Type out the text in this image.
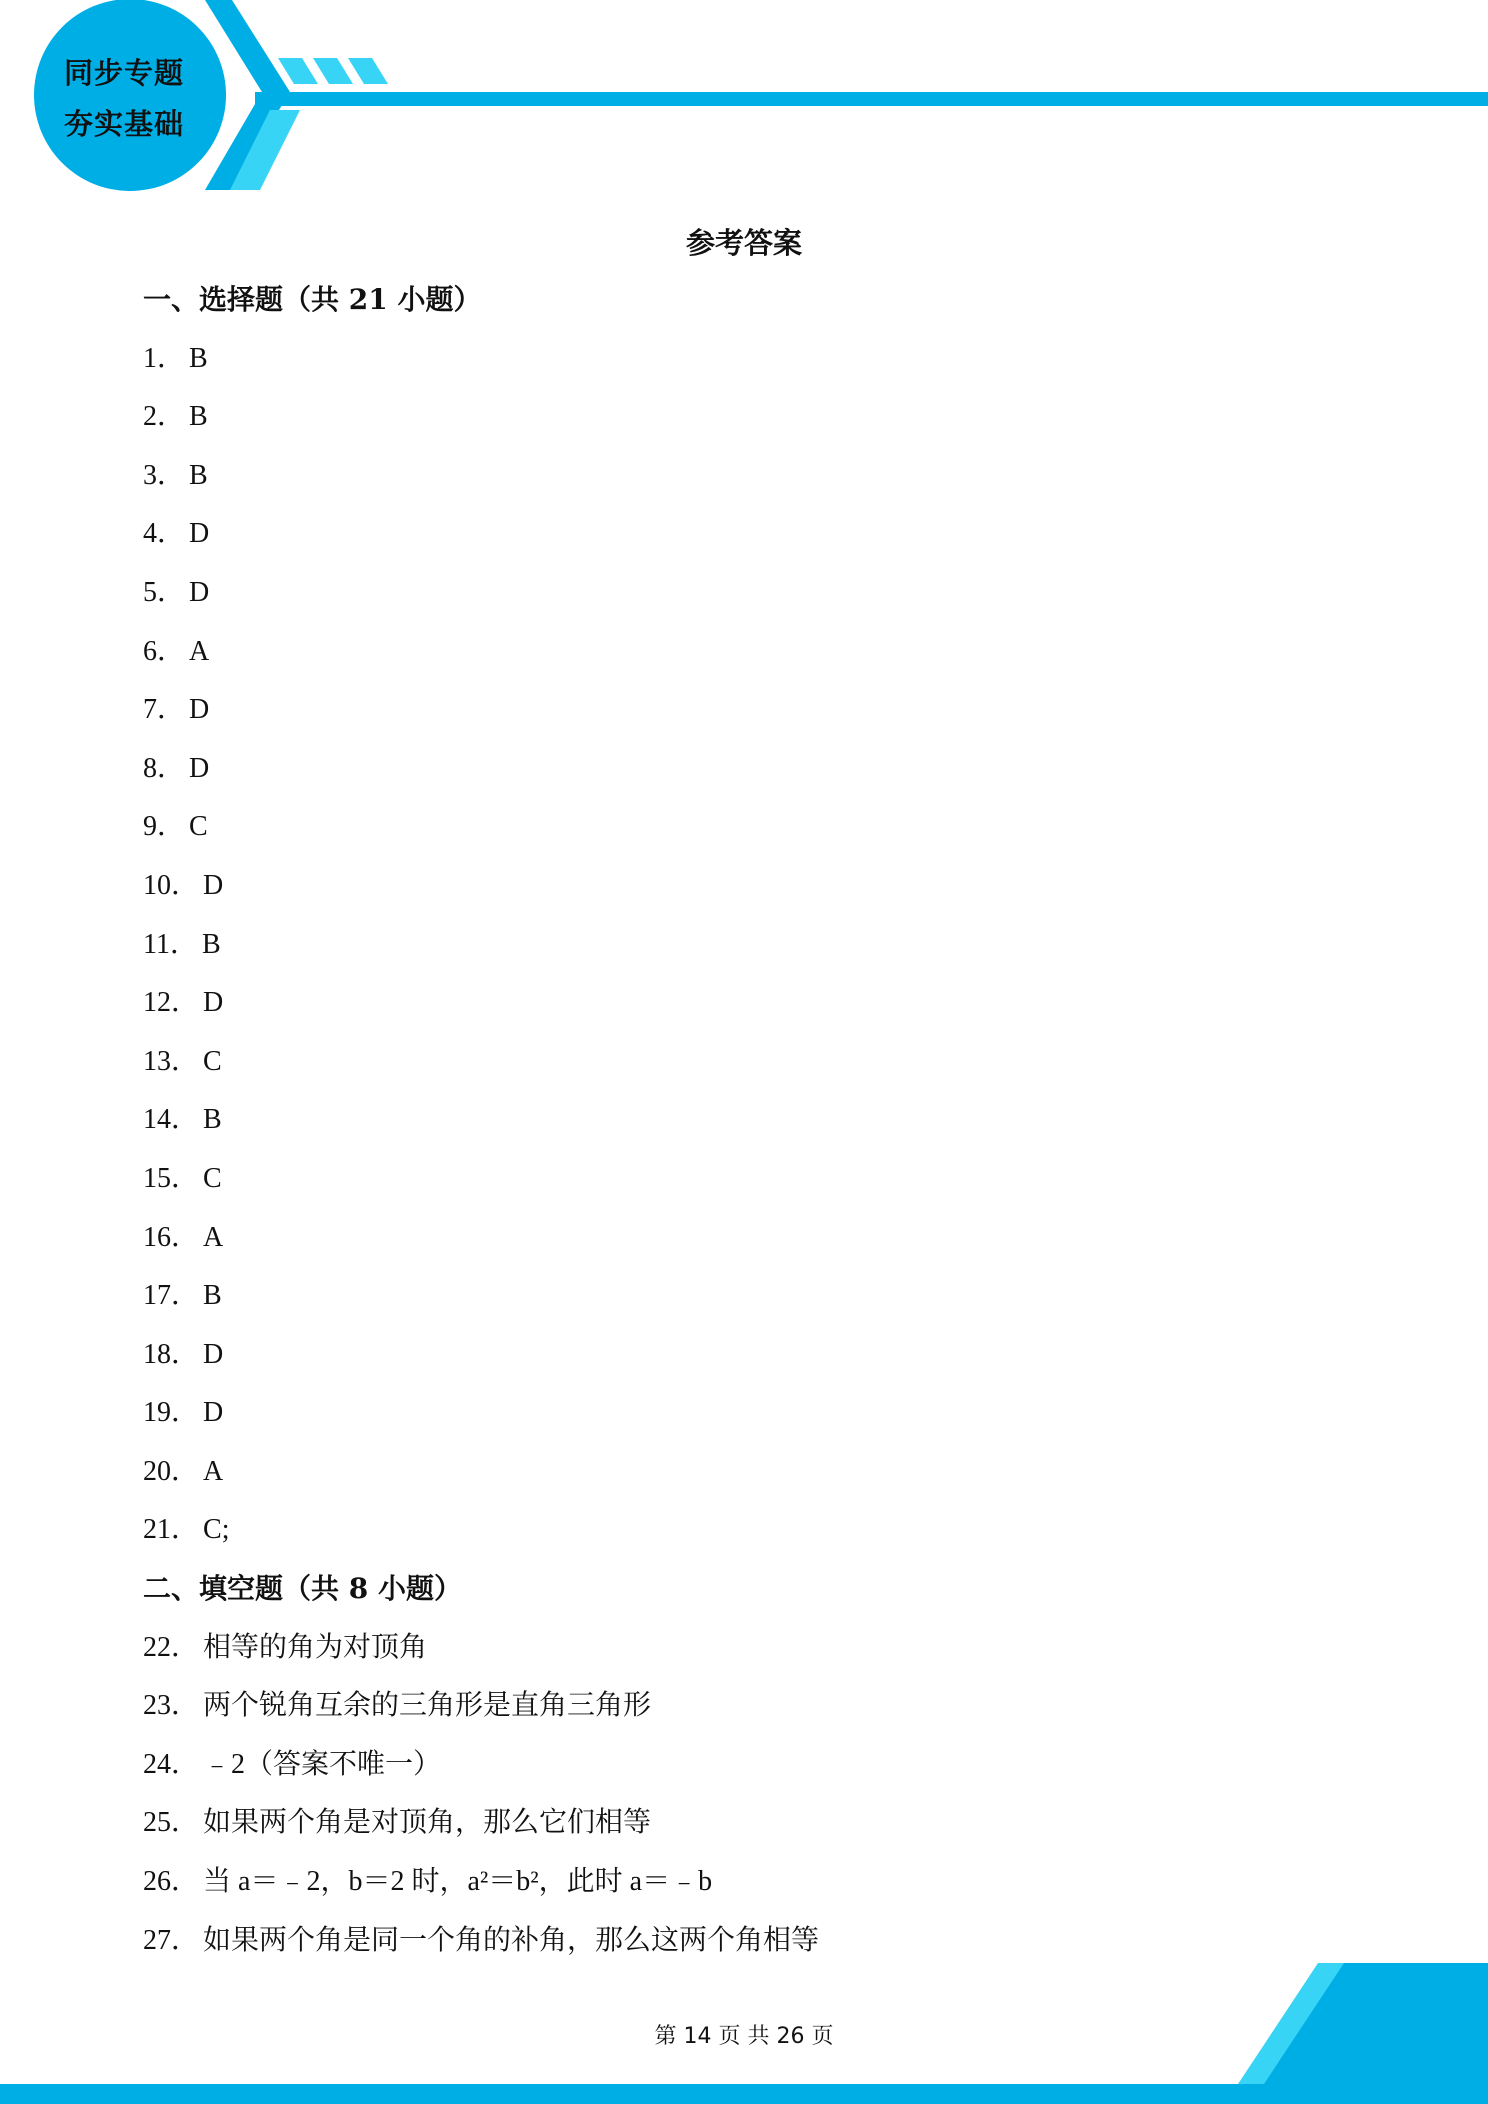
同步专题
夯实基础
参考答案
一、选择题（共 21 小题）
1． B
2． B
3． B
4． D
5． D
6． A
7． D
8． D
9． C
10． D
11． B
12． D
13． C
14． B
15． C
16． A
17． B
18． D
19． D
20． A
21． C;
二、填空题（共 8 小题）
22． 相等的角为对顶角
23． 两个锐角互余的三角形是直角三角形
24． ﹣2（答案不唯一）
25． 如果两个角是对顶角，那么它们相等
26． 当 a＝﹣2，b＝2 时，a²＝b²，此时 a＝﹣b
27． 如果两个角是同一个角的补角，那么这两个角相等
第 14 页 共 26 页
